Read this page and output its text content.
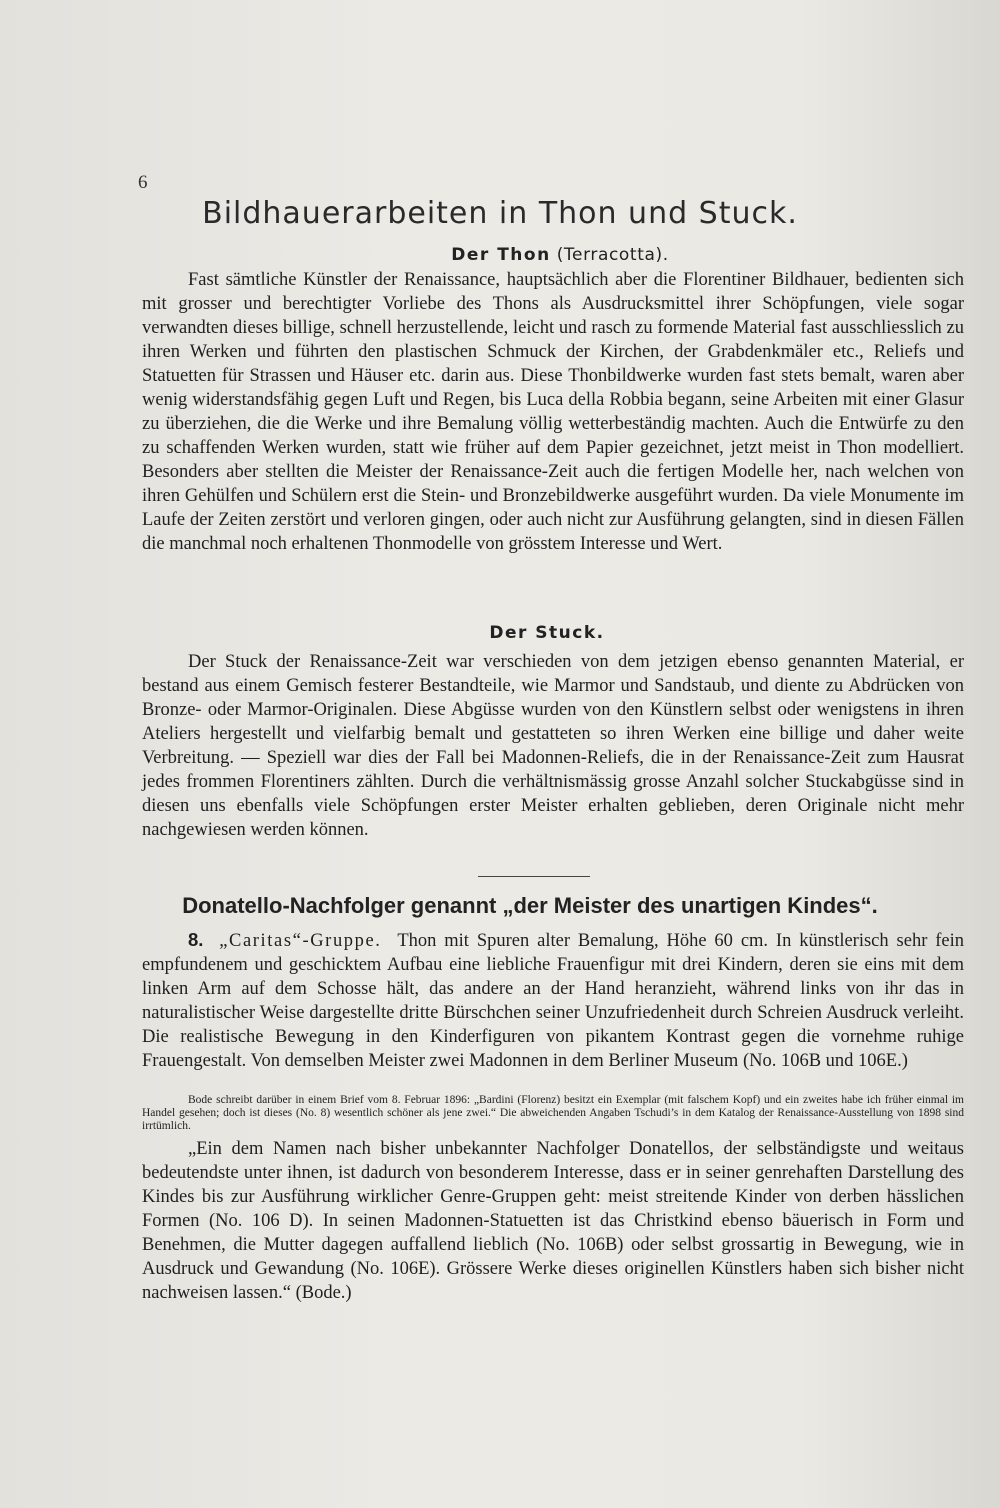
6
Bildhauerarbeiten in Thon und Stuck.
Der Thon (Terracotta).

Fast sämtliche Künstler der Renaissance, hauptsächlich aber die Florentiner Bildhauer, bedienten sich mit grosser und berechtigter Vorliebe des Thons als Ausdrucksmittel ihrer Schöpfungen, viele sogar verwandten dieses billige, schnell herzustellende, leicht und rasch zu formende Material fast ausschliesslich zu ihren Werken und führten den plastischen Schmuck der Kirchen, der Grabdenkmäler etc., Reliefs und Statuetten für Strassen und Häuser etc. darin aus. Diese Thonbildwerke wurden fast stets bemalt, waren aber wenig widerstandsfähig gegen Luft und Regen, bis Luca della Robbia begann, seine Arbeiten mit einer Glasur zu überziehen, die die Werke und ihre Bemalung völlig wetterbeständig machten. Auch die Entwürfe zu den zu schaffenden Werken wurden, statt wie früher auf dem Papier gezeichnet, jetzt meist in Thon modelliert. Besonders aber stellten die Meister der Renaissance-Zeit auch die fertigen Modelle her, nach welchen von ihren Gehülfen und Schülern erst die Stein- und Bronzebildwerke ausgeführt wurden. Da viele Monumente im Laufe der Zeiten zerstört und verloren gingen, oder auch nicht zur Ausführung gelangten, sind in diesen Fällen die manchmal noch erhaltenen Thonmodelle von grösstem Interesse und Wert.

Der Stuck.

Der Stuck der Renaissance-Zeit war verschieden von dem jetzigen ebenso genannten Material, er bestand aus einem Gemisch festerer Bestandteile, wie Marmor und Sandstaub, und diente zu Abdrücken von Bronze- oder Marmor-Originalen. Diese Abgüsse wurden von den Künstlern selbst oder wenigstens in ihren Ateliers hergestellt und vielfarbig bemalt und gestatteten so ihren Werken eine billige und daher weite Verbreitung. — Speziell war dies der Fall bei Madonnen-Reliefs, die in der Renaissance-Zeit zum Hausrat jedes frommen Florentiners zählten. Durch die verhältnismässig grosse Anzahl solcher Stuckabgüsse sind in diesen uns ebenfalls viele Schöpfungen erster Meister erhalten geblieben, deren Originale nicht mehr nachgewiesen werden können.

Donatello-Nachfolger genannt „der Meister des unartigen Kindes“.

8. „Caritas“-Gruppe. Thon mit Spuren alter Bemalung, Höhe 60 cm. In künstlerisch sehr fein empfundenem und geschicktem Aufbau eine liebliche Frauenfigur mit drei Kindern, deren sie eins mit dem linken Arm auf dem Schosse hält, das andere an der Hand heranzieht, während links von ihr das in naturalistischer Weise dargestellte dritte Bürschchen seiner Unzufriedenheit durch Schreien Ausdruck verleiht. Die realistische Bewegung in den Kinderfiguren von pikantem Kontrast gegen die vornehme ruhige Frauengestalt. Von demselben Meister zwei Madonnen in dem Berliner Museum (No. 106B und 106E.)

Bode schreibt darüber in einem Brief vom 8. Februar 1896: „Bardini (Florenz) besitzt ein Exemplar (mit falschem Kopf) und ein zweites habe ich früher einmal im Handel gesehen; doch ist dieses (No. 8) wesentlich schöner als jene zwei.“ Die abweichenden Angaben Tschudi’s in dem Katalog der Renaissance-Ausstellung von 1898 sind irrtümlich.

„Ein dem Namen nach bisher unbekannter Nachfolger Donatellos, der selbständigste und weitaus bedeutendste unter ihnen, ist dadurch von besonderem Interesse, dass er in seiner genrehaften Darstellung des Kindes bis zur Ausführung wirklicher Genre-Gruppen geht: meist streitende Kinder von derben hässlichen Formen (No. 106 D). In seinen Madonnen-Statuetten ist das Christkind ebenso bäuerisch in Form und Benehmen, die Mutter dagegen auffallend lieblich (No. 106B) oder selbst grossartig in Bewegung, wie in Ausdruck und Gewandung (No. 106E). Grössere Werke dieses originellen Künstlers haben sich bisher nicht nachweisen lassen.“ (Bode.)
